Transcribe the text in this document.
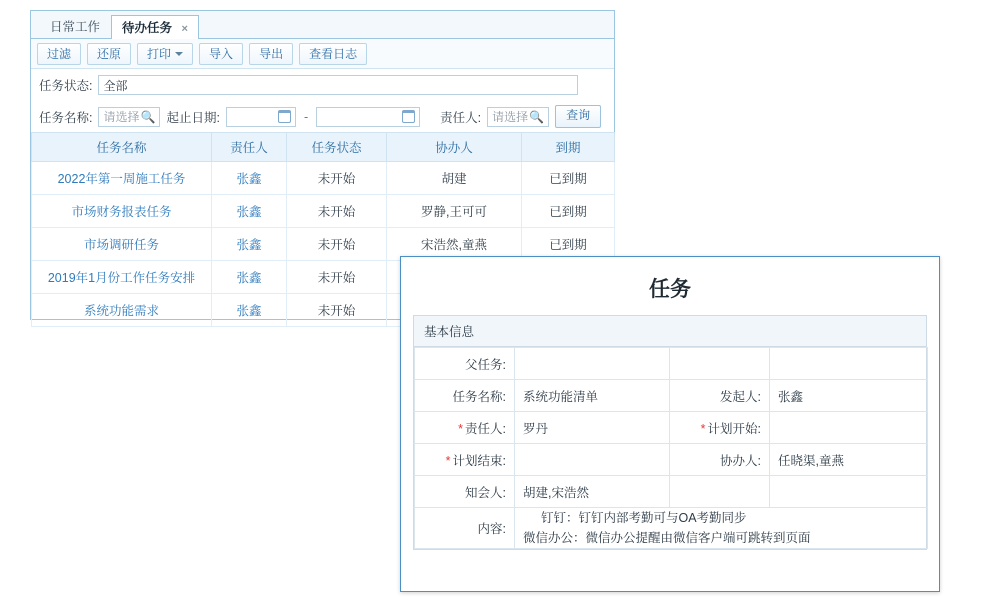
日常工作	待办任务 ×
过滤 还原 打印	导入 导出 查看日志
任务状态: 全部
任务名称: 请选择 🔍 起止日期:	-	责任人: 请选择 🔍	查询
任务名称	责任人	任务状态	协办人	到期
2022年第一周施工任务	张鑫	未开始	胡建	已到期
市场财务报表任务	张鑫	未开始	罗静,王可可	已到期
市场调研任务	张鑫	未开始	宋浩然,童燕	已到期
2019年1月份工作任务安排	张鑫	未开始		
系统功能需求	张鑫	未开始		
任务
基本信息
父任务:			
任务名称:	系统功能清单	发起人:	张鑫
* 责任人:	罗丹	* 计划开始:	
* 计划结束:		协办人:	任晓渠,童燕
知会人:	胡建,宋浩然		
内容:	钉钉：钉钉内部考勤可与OA考勤同步
微信办公：微信办公提醒由微信客户端可跳转到页面		
